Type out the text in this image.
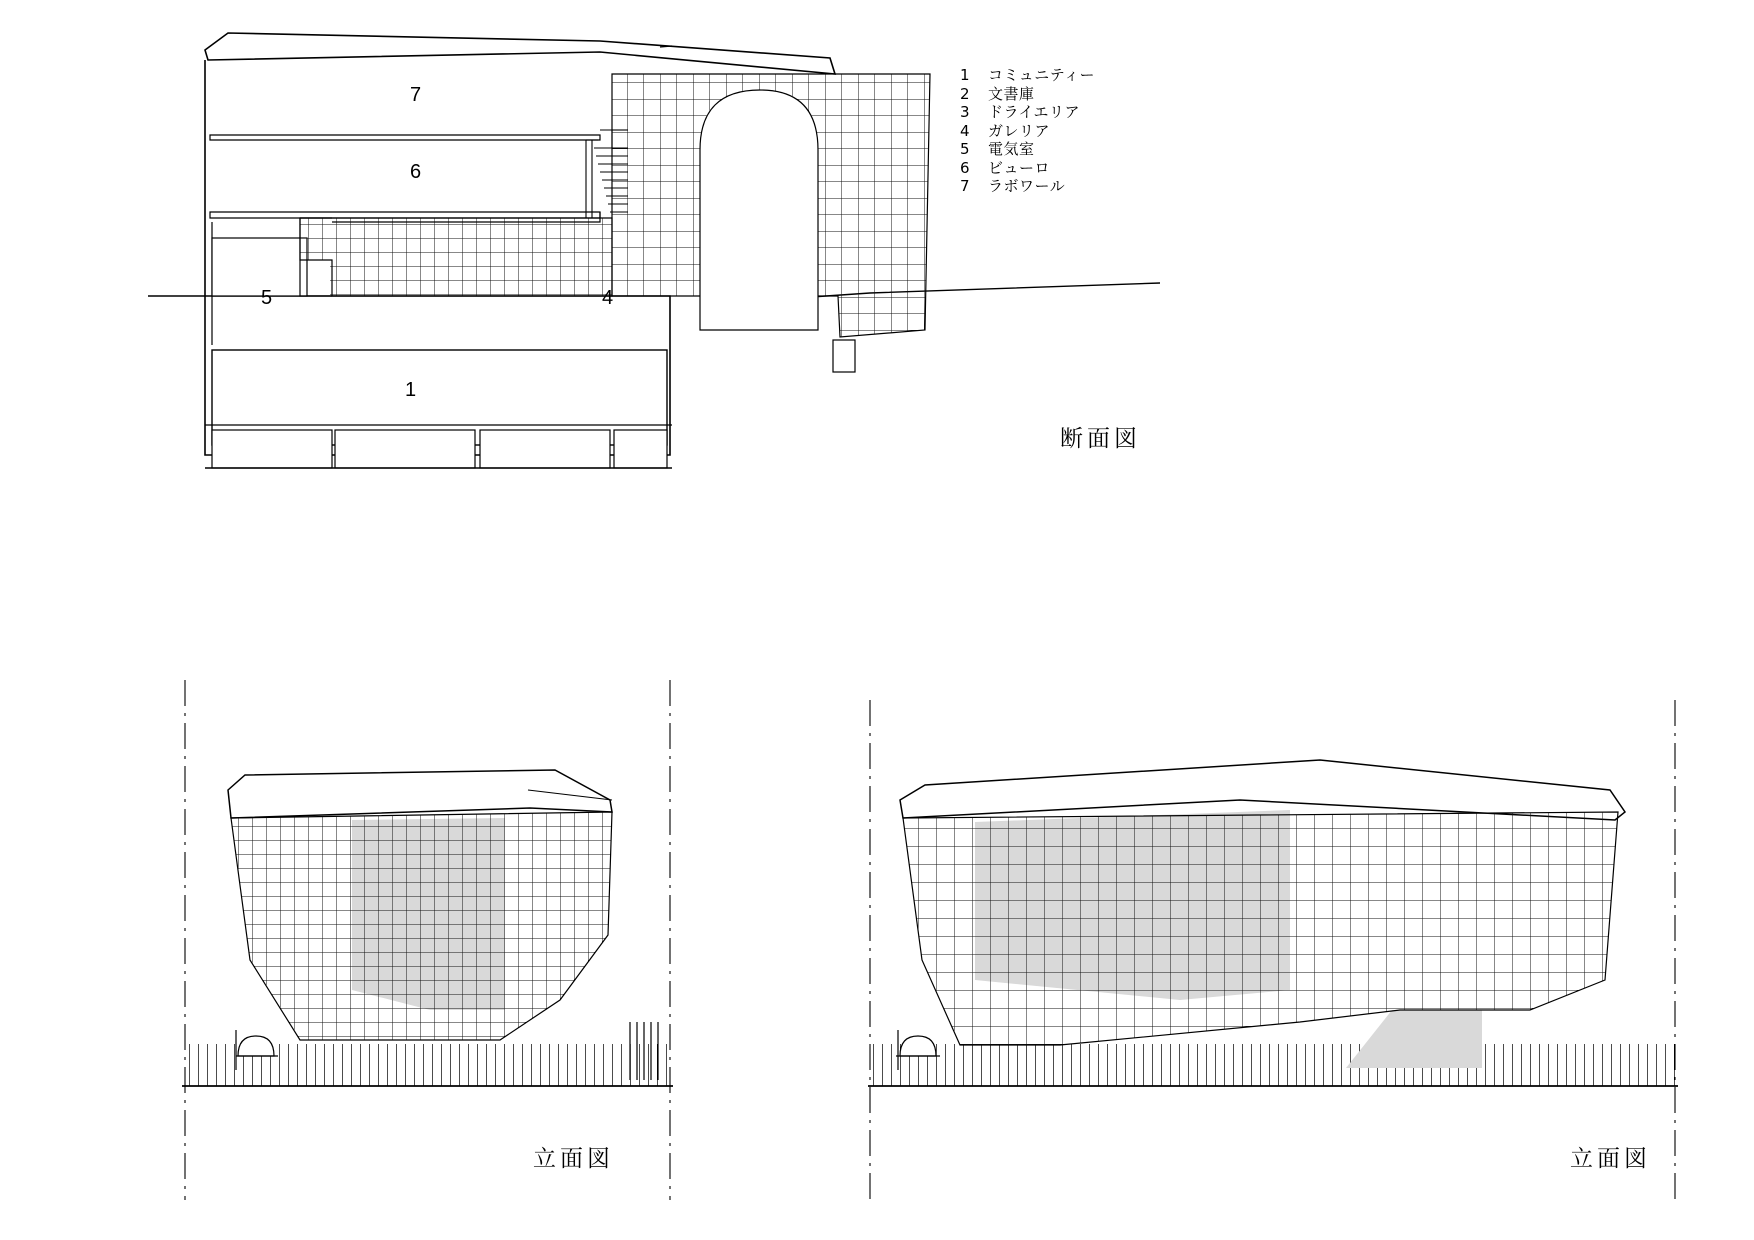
7
6
5	4
1
1	コミュニティー
2	文書庫
3	ドライエリア
4	ガレリア
5	電気室
6	ビューロ
7	ラボワール
断面図
立面図	立面図
